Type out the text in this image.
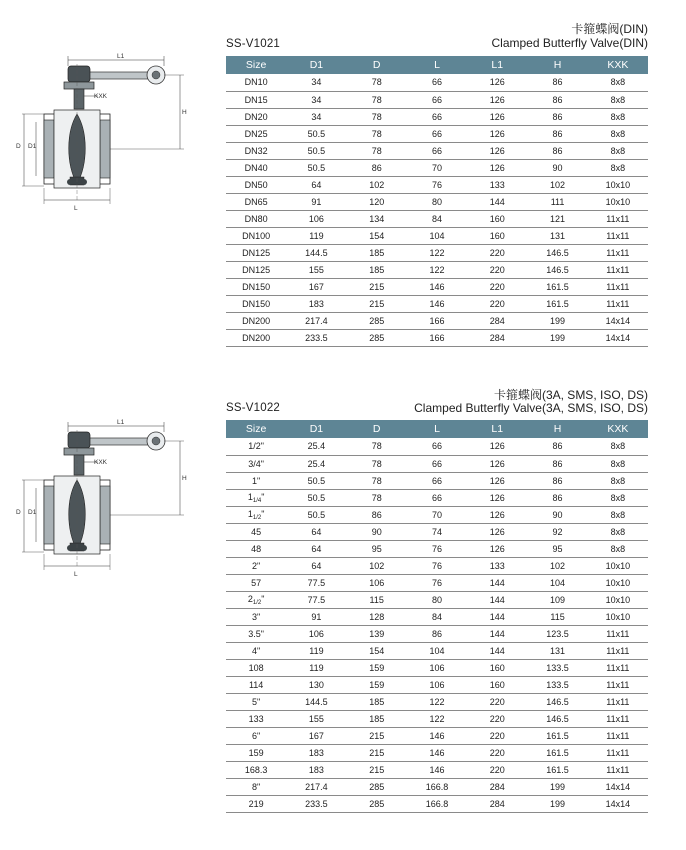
L1
KXK
H
D D1
L
卡箍蝶阀(DIN)
SS-V1021	Clamped Butterfly Valve(DIN)
Size	D1	D	L	L1	H	KXK
DN10	34	78	66	126	86	8x8
DN15	34	78	66	126	86	8x8
DN20	34	78	66	126	86	8x8
DN25	50.5	78	66	126	86	8x8
DN32	50.5	78	66	126	86	8x8
DN40	50.5	86	70	126	90	8x8
DN50	64	102	76	133	102	10x10
DN65	91	120	80	144	111	10x10
DN80	106	134	84	160	121	11x11
DN100	119	154	104	160	131	11x11
DN125	144.5	185	122	220	146.5	11x11
DN125	155	185	122	220	146.5	11x11
DN150	167	215	146	220	161.5	11x11
DN150	183	215	146	220	161.5	11x11
DN200	217.4	285	166	284	199	14x14
DN200	233.5	285	166	284	199	14x14
L1
KXK
H
D D1
L
卡箍蝶阀(3A, SMS, ISO, DS)
SS-V1022	Clamped Butterfly Valve(3A, SMS, ISO, DS)
Size	D1	D	L	L1	H	KXK
1/2"	25.4	78	66	126	86	8x8
3/4"	25.4	78	66	126	86	8x8
1"	50.5	78	66	126	86	8x8
$1_{1/4}$"	50.5	78	66	126	86	8x8
$1_{1/2}$"	50.5	86	70	126	90	8x8
45	64	90	74	126	92	8x8
48	64	95	76	126	95	8x8
2"	64	102	76	133	102	10x10
57	77.5	106	76	144	104	10x10
$2_{1/2}$"	77.5	115	80	144	109	10x10
3"	91	128	84	144	115	10x10
3.5"	106	139	86	144	123.5	11x11
4"	119	154	104	144	131	11x11
108	119	159	106	160	133.5	11x11
114	130	159	106	160	133.5	11x11
5"	144.5	185	122	220	146.5	11x11
133	155	185	122	220	146.5	11x11
6"	167	215	146	220	161.5	11x11
159	183	215	146	220	161.5	11x11
168.3	183	215	146	220	161.5	11x11
8"	217.4	285	166.8	284	199	14x14
219	233.5	285	166.8	284	199	14x14
